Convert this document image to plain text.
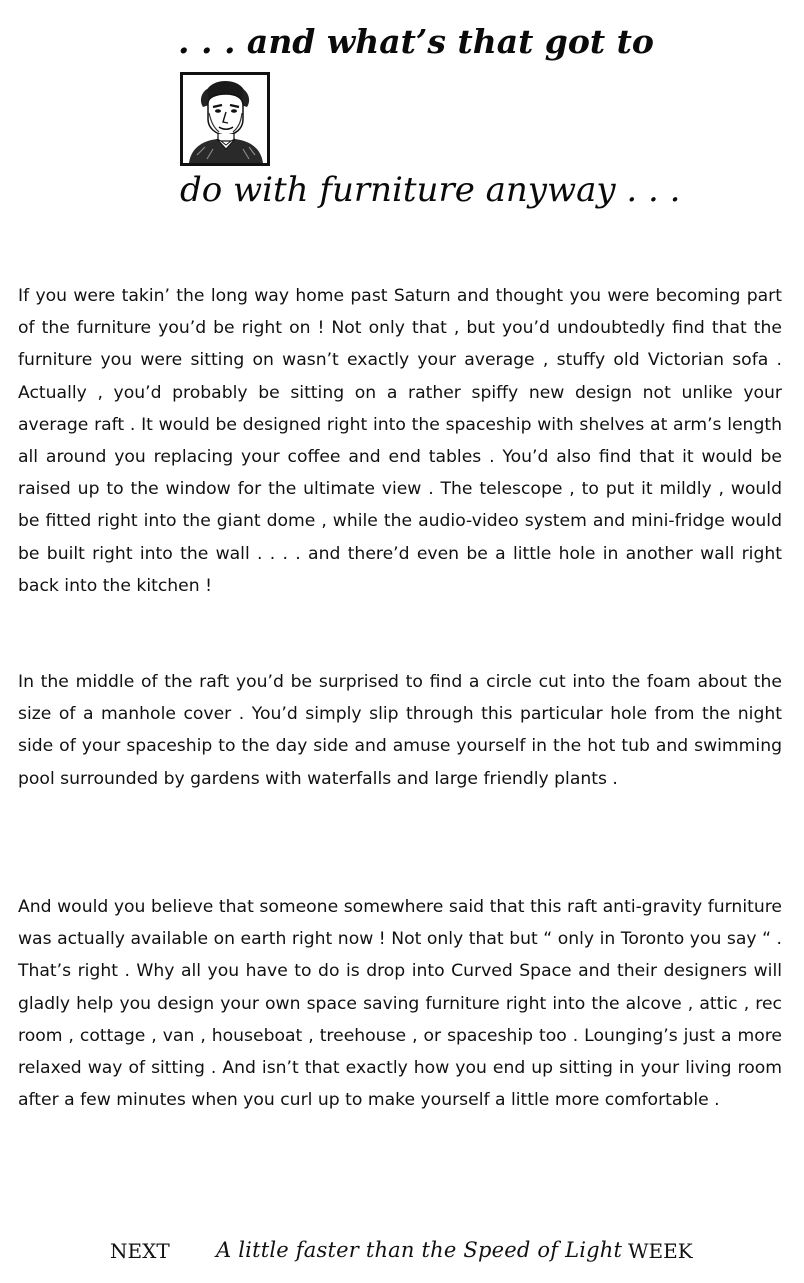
. . . and what’s that got to
do with furniture anyway . . .

If you were takin’ the long way home past Saturn and thought you were becoming part of the furniture you’d be right on ! Not only that , but you’d undoubtedly find that the furniture you were sitting on wasn’t exactly your average , stuffy old Victorian sofa . Actually , you’d probably be sitting on a rather spiffy new design not unlike your average raft . It would be designed right into the spaceship with shelves at arm’s length all around you replacing your coffee and end tables . You’d also find that it would be raised up to the window for the ultimate view . The telescope , to put it mildly , would be fitted right into the giant dome , while the audio-video system and mini-fridge would be built right into the wall . . . . and there’d even be a little hole in another wall right back into the kitchen !

In the middle of the raft you’d be surprised to find a circle cut into the foam about the size of a manhole cover . You’d simply slip through this particular hole from the night side of your spaceship to the day side and amuse yourself in the hot tub and swimming pool surrounded by gardens with waterfalls and large friendly plants .

And would you believe that someone somewhere said that this raft anti-gravity furniture was actually available on earth right now ! Not only that but “ only in Toronto you say “ . That’s right . Why all you have to do is drop into Curved Space and their designers will gladly help you design your own space saving furniture right into the alcove , attic , rec room , cottage , van , houseboat , treehouse , or spaceship too . Lounging’s just a more relaxed way of sitting . And isn’t that exactly how you end up sitting in your living room after a few minutes when you curl up to make yourself a little more comfortable .

NEXT A little faster than the Speed of Light WEEK
